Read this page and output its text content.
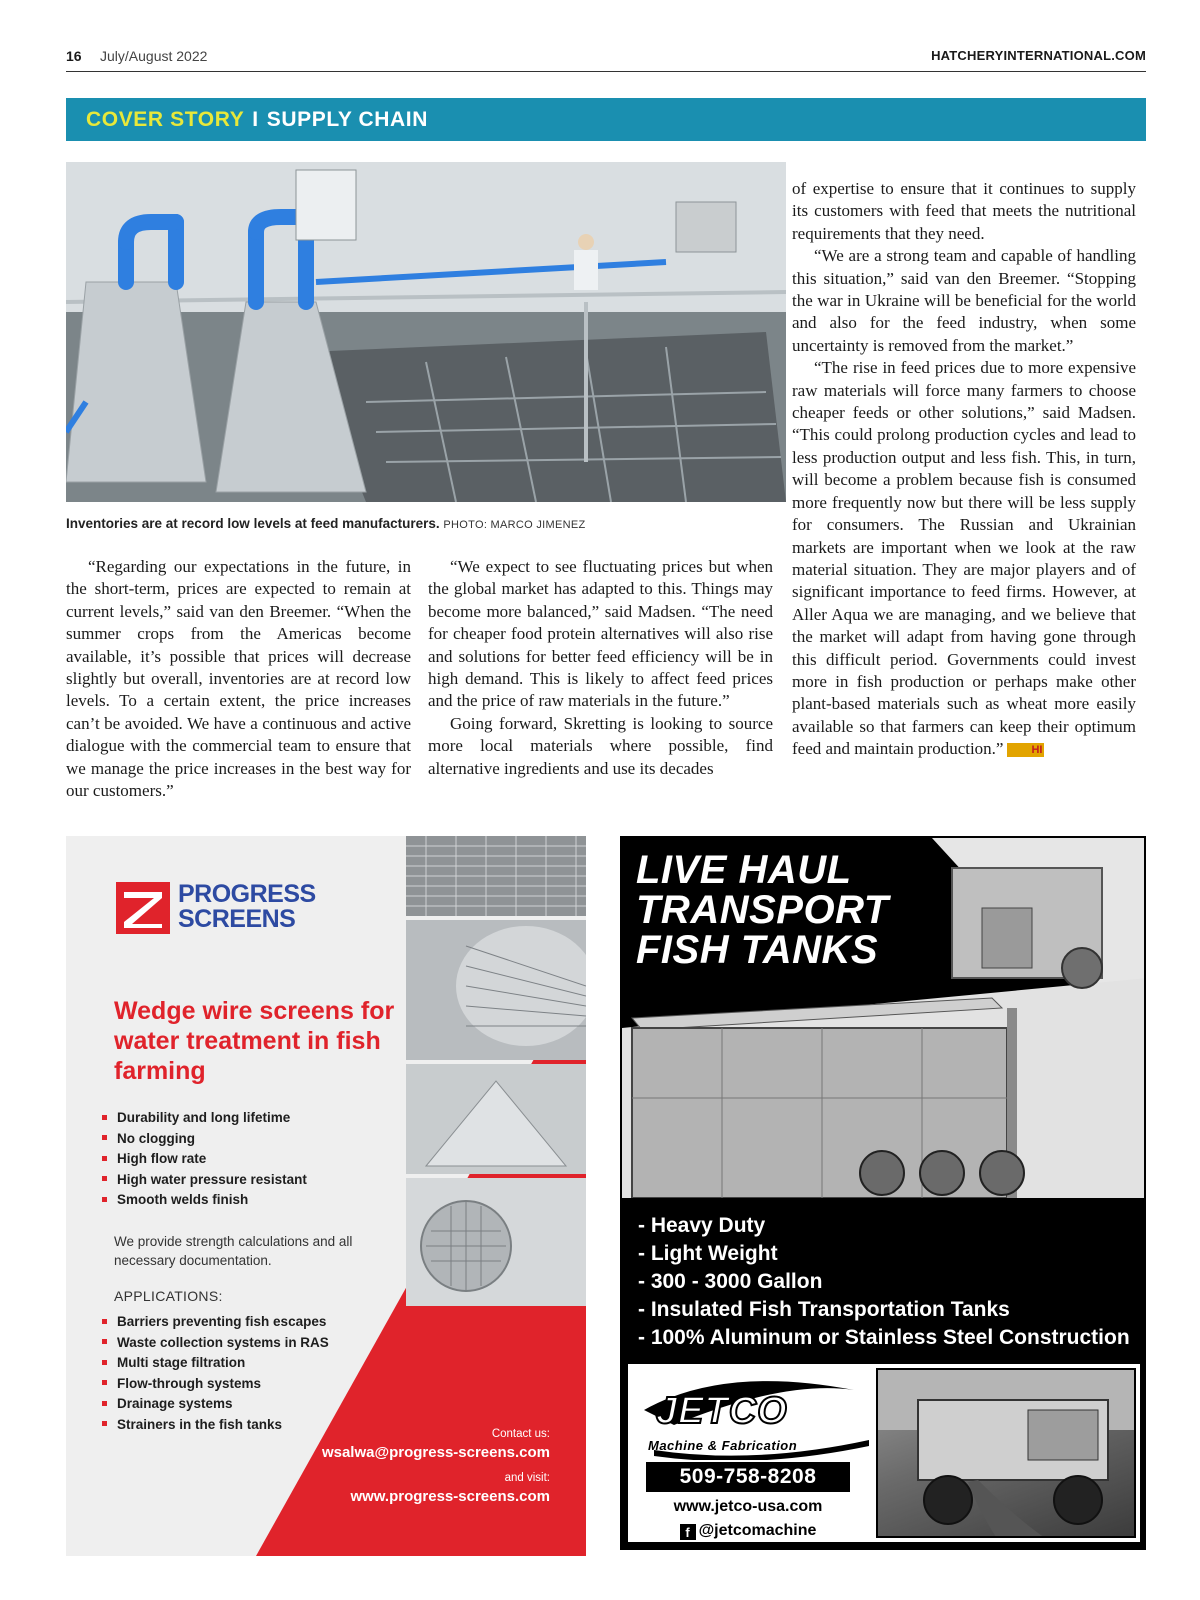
16 July/August 2022	HATCHERYINTERNATIONAL.COM
COVER STORY I SUPPLY CHAIN
Inventories are at record low levels at feed manufacturers. PHOTO: MARCO JIMENEZ

“Regarding our expectations in the future, in the short-term, prices are expected to remain at current levels,” said van den Breemer. “When the summer crops from the Americas become available, it’s possible that prices will decrease slightly but overall, inventories are at record low levels. To a certain extent, the price increases can’t be avoided. We have a continuous and active dialogue with the commercial team to ensure that we manage the price increases in the best way for our customers.”

“We expect to see fluctuating prices but when the global market has adapted to this. Things may become more balanced,” said Madsen. “The need for cheaper food protein alternatives will also rise and solutions for better feed efficiency will be in high demand. This is likely to affect feed prices and the price of raw materials in the future.”

Going forward, Skretting is looking to source more local materials where possible, find alternative ingredients and use its decades

of expertise to ensure that it continues to supply its customers with feed that meets the nutritional requirements that they need.

“We are a strong team and capable of handling this situation,” said van den Breemer. “Stopping the war in Ukraine will be beneficial for the world and also for the feed industry, when some uncertainty is removed from the market.”

“The rise in feed prices due to more expensive raw materials will force many farmers to choose cheaper feeds or other solutions,” said Madsen. “This could prolong production cycles and lead to less production output and less fish. This, in turn, will become a problem because fish is consumed more frequently now but there will be less supply for consumers. The Russian and Ukrainian markets are important when we look at the raw material situation. They are major players and of significant importance to feed firms. However, at Aller Aqua we are managing, and we believe that the market will adapt from having gone through this difficult period. Governments could invest more in fish production or perhaps make other plant-based materials such as wheat more easily available so that farmers can keep their optimum feed and maintain production.”	HI

PROGRESS
SCREENS
Wedge wire screens for water treatment in fish farming
Durability and long lifetime
No clogging
High flow rate
High water pressure resistant
Smooth welds finish
We provide strength calculations and all necessary documentation.
APPLICATIONS:
Barriers preventing fish escapes
Waste collection systems in RAS
Multi stage filtration
Flow-through systems
Drainage systems
Strainers in the fish tanks
Contact us:
wsalwa@progress-screens.com
and visit:
www.progress-screens.com
LIVE HAUL
TRANSPORT
FISH TANKS
- Heavy Duty
- Light Weight
- 300 - 3000 Gallon
- Insulated Fish Transportation Tanks
- 100% Aluminum or Stainless Steel Construction
JETCO
Machine & Fabrication
509-758-8208
www.jetco-usa.com
f @jetcomachine
